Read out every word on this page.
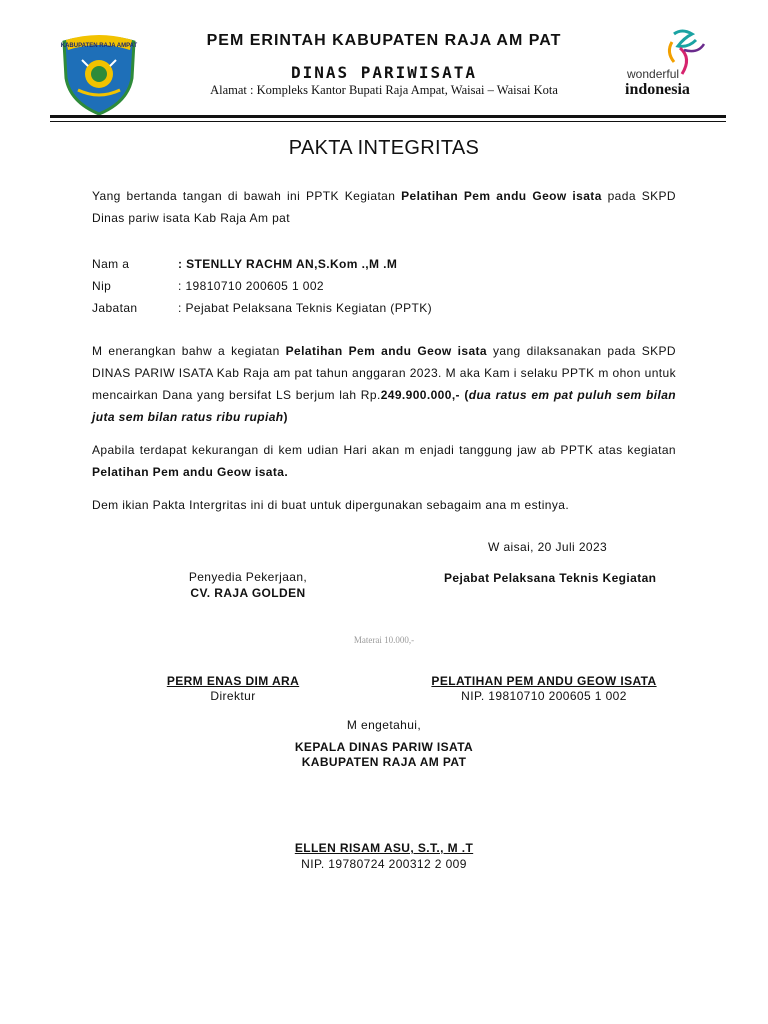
KABUPATEN RAJA AMPAT	PEM ERINTAH KABUPATEN RAJA AM PAT
DINAS PARIWISATA
Alamat : Kompleks Kantor Bupati Raja Ampat, Waisai – Waisai Kota
wonderful
indonesia
PAKTA INTEGRITAS
Yang bertanda tangan di bawah ini PPTK Kegiatan Pelatihan Pem andu Geow isata pada SKPD Dinas pariw isata Kab Raja Am pat
Nam a	: STENLLY RACHM AN,S.Kom .,M .M
Nip	: 19810710 200605 1 002
Jabatan	: Pejabat Pelaksana Teknis Kegiatan (PPTK)
M enerangkan bahw a kegiatan Pelatihan Pem andu Geow isata yang dilaksanakan pada SKPD DINAS PARIW ISATA Kab Raja am pat tahun anggaran 2023. M aka Kam i selaku PPTK m ohon untuk mencairkan Dana yang bersifat LS berjum lah Rp.249.900.000,- (dua ratus em pat puluh sem bilan juta sem bilan ratus ribu rupiah)
Apabila terdapat kekurangan di kem udian Hari akan m enjadi tanggung jaw ab PPTK atas kegiatan Pelatihan Pem andu Geow isata.
Dem ikian Pakta Intergritas ini di buat untuk dipergunakan sebagaim ana m estinya.
W aisai, 20 Juli 2023
Penyedia Pekerjaan,
CV. RAJA GOLDEN
Pejabat Pelaksana Teknis Kegiatan
Materai 10.000,-
PERM ENAS DIM ARA
Direktur
PELATIHAN PEM ANDU GEOW ISATA
NIP. 19810710 200605 1 002
M engetahui,
KEPALA DINAS PARIW ISATA
KABUPATEN RAJA AM PAT
ELLEN RISAM ASU, S.T., M .T
NIP. 19780724 200312 2 009
